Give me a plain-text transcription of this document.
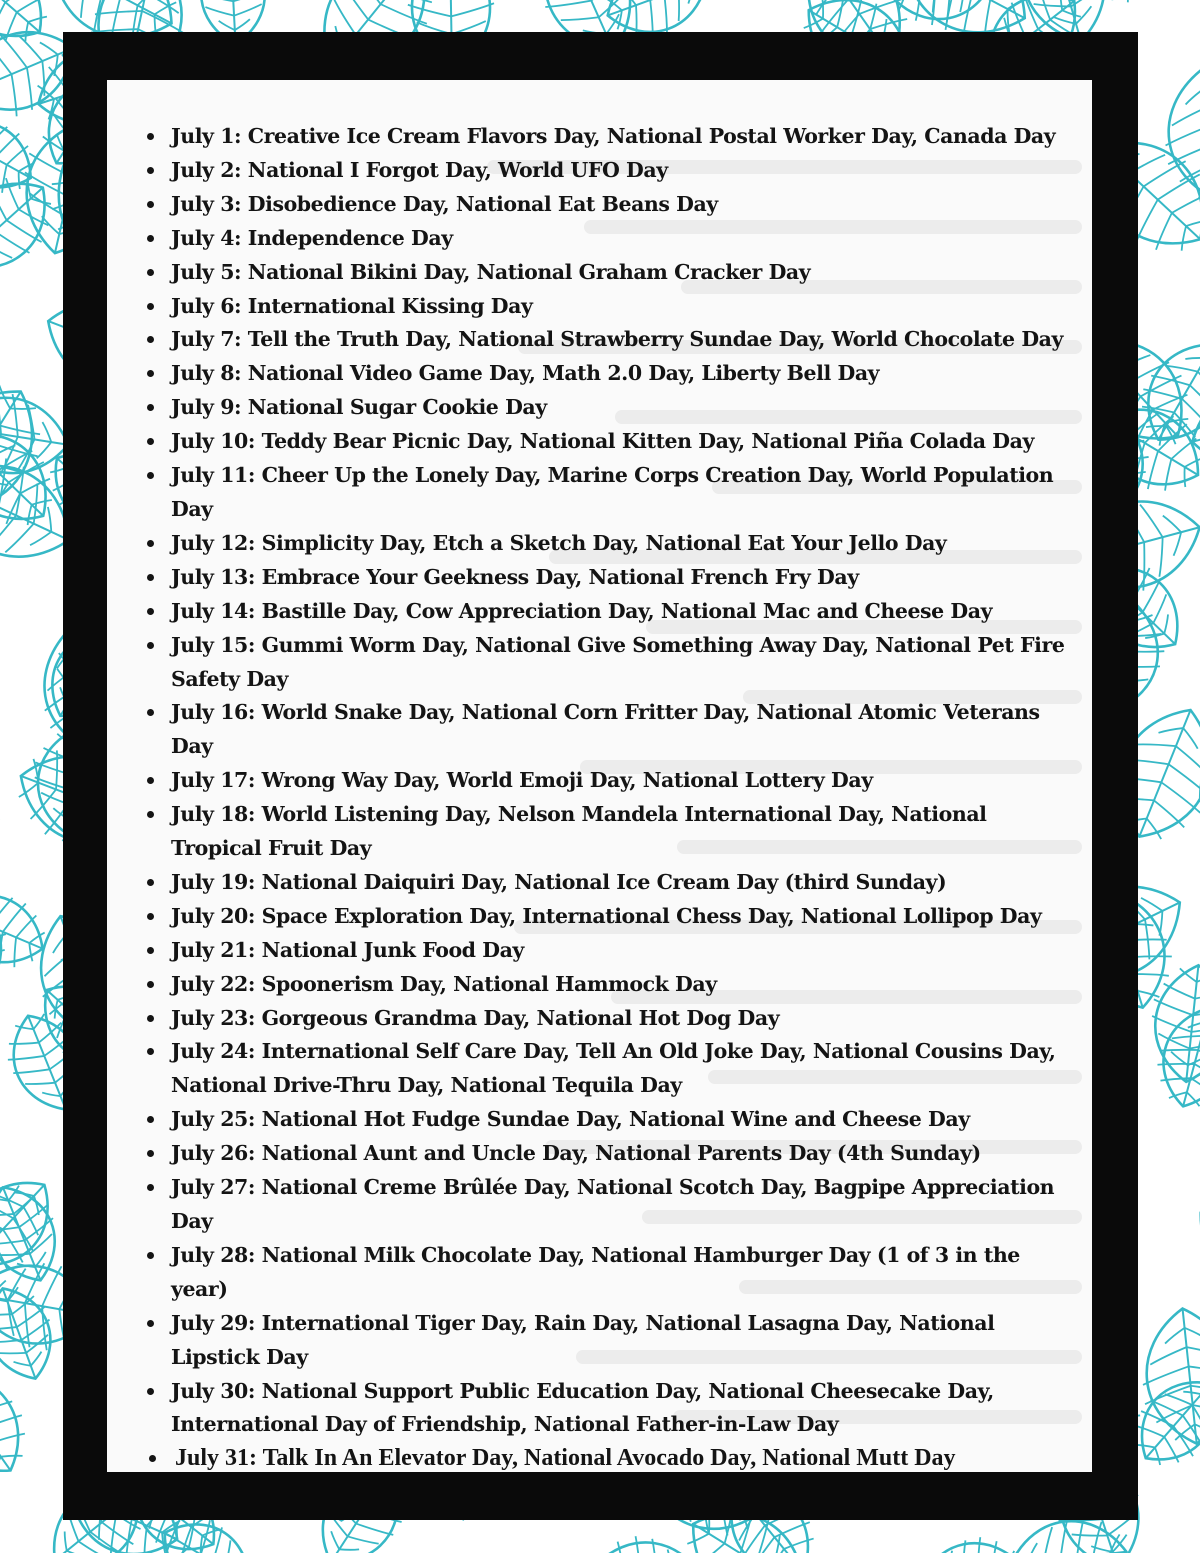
July 1: Creative Ice Cream Flavors Day, National Postal Worker Day, Canada Day
July 2: National I Forgot Day, World UFO Day
July 3: Disobedience Day, National Eat Beans Day
July 4: Independence Day
July 5: National Bikini Day, National Graham Cracker Day
July 6: International Kissing Day
July 7: Tell the Truth Day, National Strawberry Sundae Day, World Chocolate Day
July 8: National Video Game Day, Math 2.0 Day, Liberty Bell Day
July 9: National Sugar Cookie Day
July 10: Teddy Bear Picnic Day, National Kitten Day, National Piña Colada Day
July 11: Cheer Up the Lonely Day, Marine Corps Creation Day, World Population Day
July 12: Simplicity Day, Etch a Sketch Day, National Eat Your Jello Day
July 13: Embrace Your Geekness Day, National French Fry Day
July 14: Bastille Day, Cow Appreciation Day, National Mac and Cheese Day
July 15: Gummi Worm Day, National Give Something Away Day, National Pet Fire Safety Day
July 16: World Snake Day, National Corn Fritter Day, National Atomic Veterans Day
July 17: Wrong Way Day, World Emoji Day, National Lottery Day
July 18: World Listening Day, Nelson Mandela International Day, National Tropical Fruit Day
July 19: National Daiquiri Day, National Ice Cream Day (third Sunday)
July 20: Space Exploration Day, International Chess Day, National Lollipop Day
July 21: National Junk Food Day
July 22: Spoonerism Day, National Hammock Day
July 23: Gorgeous Grandma Day, National Hot Dog Day
July 24: International Self Care Day, Tell An Old Joke Day, National Cousins Day, National Drive-Thru Day, National Tequila Day
July 25: National Hot Fudge Sundae Day, National Wine and Cheese Day
July 26: National Aunt and Uncle Day, National Parents Day (4th Sunday)
July 27: National Creme Brûlée Day, National Scotch Day, Bagpipe Appreciation Day
July 28: National Milk Chocolate Day, National Hamburger Day (1 of 3 in the year)
July 29: International Tiger Day, Rain Day, National Lasagna Day, National Lipstick Day
July 30: National Support Public Education Day, National Cheesecake Day, International Day of Friendship, National Father-in-Law Day
July 31: Talk In An Elevator Day, National Avocado Day, National Mutt Day
